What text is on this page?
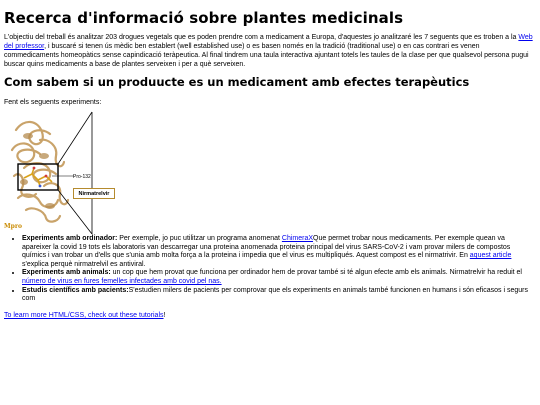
Recerca d'informació sobre plantes medicinals

L'objectiu del treball és analitzar 203 drogues vegetals que es poden prendre com a medicament a Europa, d'aquestes jo analitzaré les 7 seguents que es troben a la Web del professor, i buscaré si tenen ús mèdic ben establert (well established use) o es basen només en la tradició (traditional use) o en cas contrari es venen commedicaments homeopàtics sense capindicació teràpeutica. Al final tindrem una taula interactiva ajuntant totels les taules de la clase per que qualsevol persona pugui buscar quins medicaments a base de plantes serveixen i per a què serveixen.

Com sabem si un produucte es un medicament amb efectes terapèutics

Fent els seguents experiments:

Pro-132
Nirmatrelvir
Mpro
• Experiments amb ordinador: Per exemple, jo puc utilitzar un programa anomenat ChimeraXQue permet trobar nous medicaments. Per exemple quean va apareixer la covid 19 tots els laboratoris van descarregar una proteina anomenada proteina principal del virus SARS-CoV-2 i vam provar milers de compostos químics i van trobar un d'ells que s'unia amb molta força a la proteina i impedia que el virus es multipliqués. Aquest compost es el nirmatrivir. En aquest article s'explica perquè nirmatrelvil es antiviral.
• Experiments amb animals: un cop que hem provat que funciona per ordinador hem de provar també si té algun efecte amb els animals. Nirmatrelvir ha reduit el número de virus en fures femelles infectades amb covid pel nas.
• Estudis científics amb pacients:S'estudien milers de pacients per comprovar que els experiments en animals també funcionen en humans i són eficasos i segurs com
To learn more HTML/CSS, check out these tutorials!
